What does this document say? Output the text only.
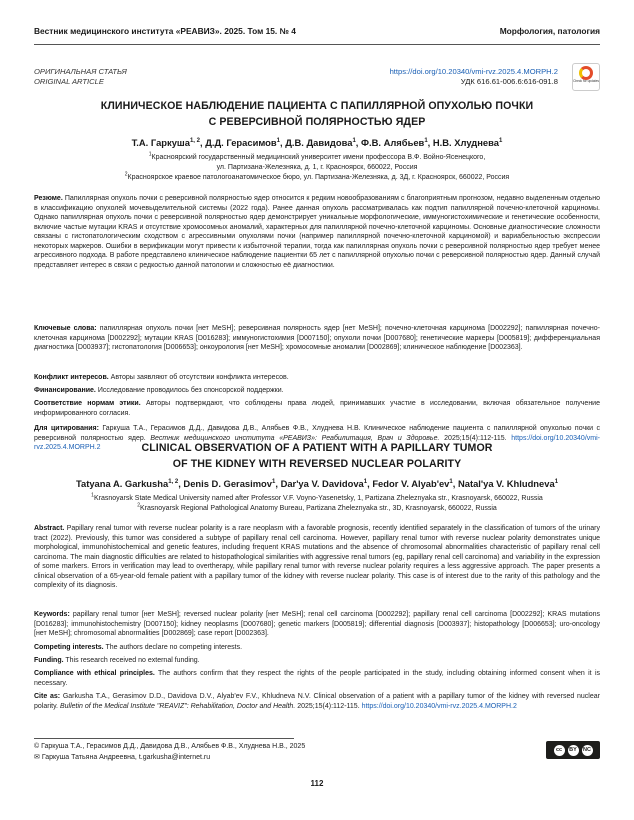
Вестник медицинского института «РЕАВИЗ». 2025. Том 15. № 4	Морфология, патология
ОРИГИНАЛЬНАЯ СТАТЬЯ
ORIGINAL ARTICLE
https://doi.org/10.20340/vmi-rvz.2025.4.MORPH.2
УДК 616.61-006.6:616-091.8	Check for updates
КЛИНИЧЕСКОЕ НАБЛЮДЕНИЕ ПАЦИЕНТА С ПАПИЛЛЯРНОЙ ОПУХОЛЬЮ ПОЧКИ
С РЕВЕРСИВНОЙ ПОЛЯРНОСТЬЮ ЯДЕР
Т.А. Гаркуша$^{1, 2}$, Д.Д. Герасимов$^1$, Д.В. Давидова$^1$, Ф.В. Алябьев$^1$, Н.В. Хлуднева$^1$
$^1$Красноярский государственный медицинский университет имени профессора В.Ф. Войно-Ясенецкого,
ул. Партизана-Железняка, д. 1, г. Красноярск, 660022, Россия
$^2$Красноярское краевое патологоанатомическое бюро, ул. Партизана-Железняка, д. 3Д, г. Красноярск, 660022, Россия
Резюме. Папиллярная опухоль почки с реверсивной полярностью ядер относится к редким новообразованиям с благоприятным прогнозом, недавно выделенным отдельно в классификацию опухолей мочевыделительной системы (2022 года). Ранее данная опухоль рассматривалась как подтип папиллярной почечно-клеточной карциномы. Однако папиллярная опухоль почки с реверсивной полярностью ядер демонстрирует уникальные морфологические, иммуногистохимические и генетические особенности, включие частые мутации KRAS и отсутствие хромосомных аномалий, характерных для папиллярной почечно-клеточной карциномы. Основные диагностические сложности связаны с гистопатологическим сходством с агрессивными опухолями почки (например папиллярной почечно-клеточной карциномой) и вариабельностью экспрессии некоторых маркеров. Ошибки в верификации могут привести к избыточной терапии, тогда как папиллярная опухоль почки с реверсивной полярностью ядер требует менее агрессивного подхода. В работе представлено клиническое наблюдение пациентки 65 лет с папиллярной опухолью почки с реверсивной полярностью ядер. Данный случай представляет интерес в связи с редкостью данной патологии и сложностью её диагностики.
Ключевые слова: папиллярная опухоль почки [нет MeSH]; реверсивная полярность ядер [нет MeSH]; почечно-клеточная карцинома [D002292]; папиллярная почечно-клеточная карцинома [D002292]; мутации KRAS [D016283]; иммуногистохимия [D007150]; опухоли почки [D007680]; генетические маркеры [D005819]; дифференциальная диагностика [D003937]; гистопатология [D006653]; онкоурология [нет MeSH]; хромосомные аномалии [D002869]; клиническое наблюдение [D002363].
Конфликт интересов. Авторы заявляют об отсутствии конфликта интересов.
Финансирование. Исследование проводилось без спонсорской поддержки.
Соответствие нормам этики. Авторы подтверждают, что соблюдены права людей, принимавших участие в исследовании, включая обязательное получение информированного согласия.
Для цитирования: Гаркуша Т.А., Герасимов Д.Д., Давидова Д.В., Алябьев Ф.В., Хлуднева Н.В. Клиническое наблюдение пациента с папиллярной опухолью почки с реверсивной полярностью ядер. Вестник медицинского института «РЕАВИЗ»: Реабилитация, Врач и Здоровье. 2025;15(4):112-115. https://doi.org/10.20340/vmi-rvz.2025.4.MORPH.2	CLINICAL OBSERVATION OF A PATIENT WITH A PAPILLARY TUMOR
OF THE KIDNEY WITH REVERSED NUCLEAR POLARITY
Tatyana A. Garkusha$^{1, 2}$, Denis D. Gerasimov$^1$, Dar'ya V. Davidova$^1$, Fedor V. $Alyab'ev^1$, Natal'ya V. Khludneva$^1$
$^1$Krasnoyarsk State Medical University named after Professor V.F. Voyno-Yasenetsky, 1, Partizana Zheleznyaka str., Krasnoyarsk, 660022, Russia
$^2$Krasnoyarsk Regional Pathological Anatomy Bureau, Partizana Zheleznyaka str., 3D, Krasnoyarsk, 660022, Russia
Abstract. Papillary renal tumor with reverse nuclear polarity is a rare neoplasm with a favorable prognosis, recently identified separately in the classification of tumors of the urinary tract (2022). Previously, this tumor was considered a subtype of papillary renal cell carcinoma. However, papillary renal tumor with reverse nuclear polarity demonstrates unique morphological, immunohistochemical and genetic features, including frequent KRAS mutations and the absence of chromosomal abnormalities characteristic of papillary renal cell carcinoma. The main diagnostic difficulties are related to histopathological similarities with aggressive renal tumors (eg, papillary renal cell carcinoma) and variability in the expression of some markers. Errors in verification may lead to overtherapy, while papillary renal tumor with reverse nuclear polarity requires a less aggressive approach. The paper presents a clinical observation of a 65-year-old female patient with a papillary tumor of the kidney with reverse nuclear polarity. This case is of interest due to the rarity of this pathology and the complexity of its diagnosis.
Keywords: papillary renal tumor [нет MeSH]; reversed nuclear polarity [нет MeSH]; renal cell carcinoma [D002292]; papillary renal cell carcinoma [D002292]; KRAS mutations [D016283]; immunohistochemistry [D007150]; kidney neoplasms [D007680]; genetic markers [D005819]; differential diagnosis [D003937]; histopathology [D006653]; uro-oncology [нет MeSH]; chromosomal abnormalities [D002869]; case report [D002363].
Competing interests. The authors declare no competing interests.
Funding. This research received no external funding.
Compliance with ethical principles. The authors confirm that they respect the rights of the people participated in the study, including obtaining informed consent when it is necessary.
Cite as: Garkusha T.A., Gerasimov D.D., Davidova D.V., Alyab'ev F.V., Khludneva N.V. Clinical observation of a patient with a papillary tumor of the kidney with reversed nuclear polarity. Bulletin of the Medical Institute "REAVIZ": Rehabilitation, Doctor and Health. 2025;15(4):112-115. https://doi.org/10.20340/vmi-rvz.2025.4.MORPH.2
© Гаркуша Т.А., Герасимов Д.Д., Давидова Д.В., Алябьев Ф.В., Хлуднева Н.В., 2025
✉ Гаркуша Татьяна Андреевна, t.garkusha@internet.ru
cc	BY	NC
112
